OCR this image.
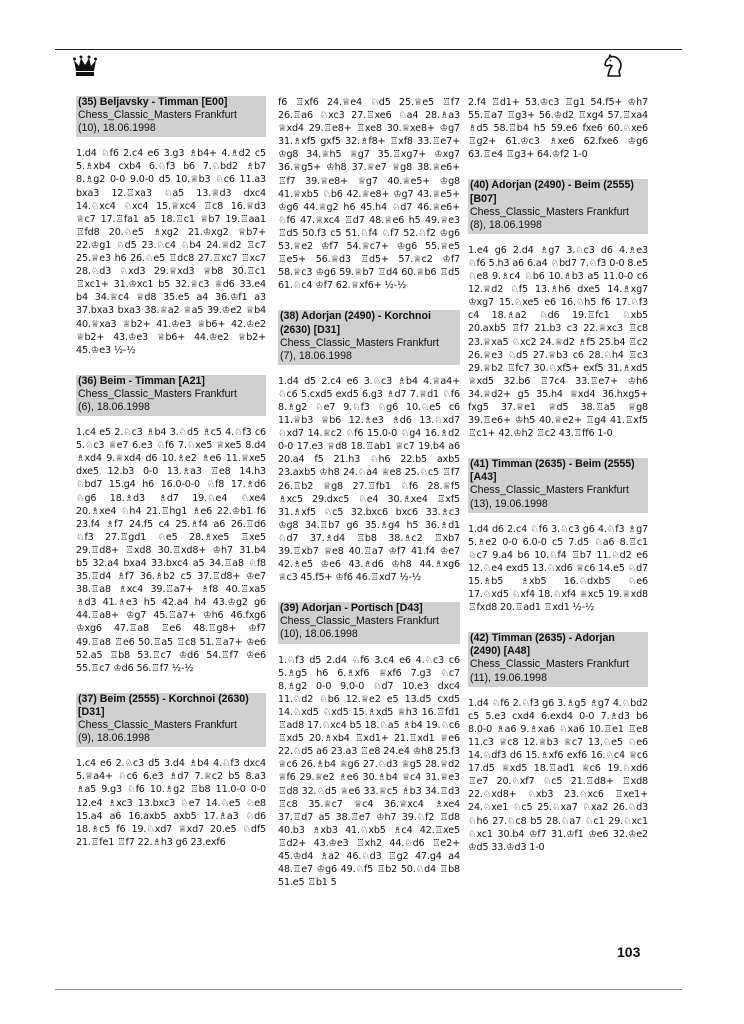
(35) Beljavsky - Timman [E00]
Chess_Classic_Masters Frankfurt
(10), 18.06.1998
1.d4 ♘f6 2.c4 e6 3.g3 ♗b4+ 4.♗d2 c5 5.♗xb4 cxb4 6.♘f3 b6 7.♘bd2 ♗b7 8.♗g2 0-0 9.0-0 d5 10.♕b3 ♘c6 11.a3 bxa3 12.♖xa3 ♘a5 13.♕d3 dxc4 14.♘xc4 ♘xc4 15.♕xc4 ♖c8 16.♕d3 ♕c7 17.♖fa1 a5 18.♖c1 ♕b7 19.♖aa1 ♖fd8 20.♘e5 ♗xg2 21.♔xg2 ♕b7+ 22.♔g1 ♘d5 23.♘c4 ♘b4 24.♕d2 ♖c7 25.♕e3 h6 26.♘e5 ♖dc8 27.♖xc7 ♖xc7 28.♘d3 ♘xd3 29.♕xd3 ♕b8 30.♖c1 ♖xc1+ 31.♔xc1 b5 32.♕c3 ♕d6 33.e4 b4 34.♕c4 ♕d8 35.e5 a4 36.♔f1 a3 37.bxa3 bxa3 38.♕a2 ♕a5 39.♔e2 ♕b4 40.♕xa3 ♕b2+ 41.♔e3 ♕b6+ 42.♔e2 ♕b2+ 43.♔e3 ♕b6+ 44.♔e2 ♕b2+ 45.♔e3 ½-½
(36) Beim - Timman [A21]
Chess_Classic_Masters Frankfurt
(6), 18.06.1998
1.c4 e5 2.♘c3 ♗b4 3.♘d5 ♗c5 4.♘f3 c6 5.♘c3 ♕e7 6.e3 ♘f6 7.♘xe5 ♕xe5 8.d4 ♗xd4 9.♕xd4 d6 10.♗e2 ♗e6 11.♕xe5 dxe5 12.b3 0-0 13.♗a3 ♖e8 14.h3 ♘bd7 15.g4 h6 16.0-0-0 ♘f8 17.♗d6 ♘g6 18.♗d3 ♗d7 19.♘e4 ♘xe4 20.♗xe4 ♘h4 21.♖hg1 ♗e6 22.♔b1 f6 23.f4 ♗f7 24.f5 c4 25.♗f4 a6 26.♖d6 ♘f3 27.♖gd1 ♘e5 28.♗xe5 ♖xe5 29.♖d8+ ♖xd8 30.♖xd8+ ♔h7 31.b4 b5 32.a4 bxa4 33.bxc4 a5 34.♖a8 ♘f8 35.♖d4 ♗f7 36.♗b2 c5 37.♖d8+ ♔e7 38.♖a8 ♗xc4 39.♖a7+ ♗f8 40.♖xa5 ♗d3 41.♗e3 h5 42.a4 h4 43.♔g2 g6 44.♖a8+ ♔g7 45.♖a7+ ♔h6 46.fxg6 ♔xg6 47.♖a8 ♖e6 48.♖g8+ ♔f7 49.♖a8 ♖e6 50.♖a5 ♖c8 51.♖a7+ ♔e6 52.a5 ♖b8 53.♖c7 ♔d6 54.♖f7 ♔e6 55.♖c7 ♔d6 56.♖f7 ½-½
(37) Beim (2555) - Korchnoi (2630) [D31]
Chess_Classic_Masters Frankfurt
(9), 18.06.1998
1.c4 e6 2.♘c3 d5 3.d4 ♗b4 4.♘f3 dxc4 5.♕a4+ ♘c6 6.e3 ♗d7 7.♕c2 b5 8.a3 ♗a5 9.g3 ♘f6 10.♗g2 ♖b8 11.0-0 0-0 12.e4 ♗xc3 13.bxc3 ♘e7 14.♘e5 ♘e8 15.a4 a6 16.axb5 axb5 17.♗a3 ♘d6 18.♗c5 f6 19.♘xd7 ♕xd7 20.e5 ♘df5 21.♖fe1 ♖f7 22.♗h3 g6 23.exf6
f6 ♖xf6 24.♕e4 ♘d5 25.♕e5 ♖f7 26.♖a6 ♘xc3 27.♖xe6 ♘a4 28.♗a3 ♕xd4 29.♖e8+ ♖xe8 30.♕xe8+ ♔g7 31.♗xf5 gxf5 32.♗f8+ ♖xf8 33.♖e7+ ♔g8 34.♕h5 ♕g7 35.♖xg7+ ♔xg7 36.♕g5+ ♔h8 37.♕e7 ♕g8 38.♕e6+ ♖f7 39.♕e8+ ♕g7 40.♕e5+ ♔g8 41.♕xb5 ♘b6 42.♕e8+ ♔g7 43.♕e5+ ♔g6 44.♕g2 h6 45.h4 ♘d7 46.♕e6+ ♘f6 47.♕xc4 ♖d7 48.♕e6 h5 49.♕e3 ♖d5 50.f3 c5 51.♘f4 ♘f7 52.♘f2 ♔g6 53.♕e2 ♔f7 54.♕c7+ ♔g6 55.♕e5 ♖e5+ 56.♕d3 ♖d5+ 57.♕c2 ♔f7 58.♕c3 ♔g6 59.♕b7 ♖d4 60.♕b6 ♖d5 61.♘c4 ♔f7 62.♕xf6+ ½-½
(38) Adorjan (2490) - Korchnoi (2630) [D31]
Chess_Classic_Masters Frankfurt
(7), 18.06.1998
1.d4 d5 2.c4 e6 3.♘c3 ♗b4 4.♕a4+ ♘c6 5.cxd5 exd5 6.g3 ♗d7 7.♕d1 ♘f6 8.♗g2 ♘e7 9.♘f3 ♘g6 10.♘e5 c6 11.♕b3 ♕b6 12.♗e3 ♗d6 13.♘xd7 ♘xd7 14.♕c2 ♘f6 15.0-0 ♘g4 16.♗d2 0-0 17.e3 ♕d8 18.♖ab1 ♕c7 19.b4 a6 20.a4 f5 21.h3 ♘h6 22.b5 axb5 23.axb5 ♔h8 24.♘a4 ♕e8 25.♘c5 ♖f7 26.♖b2 ♕g8 27.♖fb1 ♘f6 28.♕f5 ♗xc5 29.dxc5 ♘e4 30.♗xe4 ♖xf5 31.♗xf5 ♘c5 32.bxc6 bxc6 33.♗c3 ♔g8 34.♖b7 g6 35.♗g4 h5 36.♗d1 ♘d7 37.♗d4 ♖b8 38.♗c2 ♖xb7 39.♖xb7 ♕e8 40.♖a7 ♔f7 41.f4 ♔e7 42.♗e5 ♔e6 43.♗d6 ♔h8 44.♗xg6 ♕c3 45.f5+ ♔f6 46.♖xd7 ½-½
(39) Adorjan - Portisch [D43]
Chess_Classic_Masters Frankfurt
(10), 18.06.1998
1.♘f3 d5 2.d4 ♘f6 3.c4 e6 4.♘c3 c6 5.♗g5 h6 6.♗xf6 ♕xf6 7.g3 ♘c7 8.♗g2 0-0 9.0-0 ♘d7 10.e3 dxc4 11.♘d2 ♘b6 12.♕e2 e5 13.d5 cxd5 14.♘xd5 ♘xd5 15.♗xd5 ♕h3 16.♖fd1 ♖ad8 17.♘xc4 b5 18.♘a5 ♗b4 19.♘c6 ♖xd5 20.♗xb4 ♖xd1+ 21.♖xd1 ♕e6 22.♘d5 a6 23.a3 ♖e8 24.e4 ♔h8 25.f3 ♕c6 26.♗b4 ♕g6 27.♘d3 ♕g5 28.♕d2 ♕f6 29.♕e2 ♗e6 30.♗b4 ♕c4 31.♕e3 ♖d8 32.♘d5 ♕e6 33.♕c5 ♗b3 34.♖d3 ♖c8 35.♕c7 ♕c4 36.♕xc4 ♗xe4 37.♖d7 a5 38.♖e7 ♔h7 39.♘f2 ♖d8 40.b3 ♗xb3 41.♘xb5 ♗c4 42.♖xe5 ♖d2+ 43.♔e3 ♖xh2 44.♘d6 ♖e2+ 45.♔d4 ♗a2 46.♘d3 ♖g2 47.g4 a4 48.♖e7 ♔g6 49.♘f5 ♖b2 50.♘d4 ♖b8 51.e5 ♖b1 5
2.f4 ♖d1+ 53.♔c3 ♖g1 54.f5+ ♔h7 55.♖a7 ♖g3+ 56.♔d2 ♖xg4 57.♖xa4 ♗d5 58.♖b4 h5 59.e6 fxe6 60.♘xe6 ♖g2+ 61.♔c3 ♗xe6 62.fxe6 ♔g6 63.♖e4 ♖g3+ 64.♔f2 1-0
(40) Adorjan (2490) - Beim (2555) [B07]
Chess_Classic_Masters Frankfurt
(8), 18.06.1998
1.e4 g6 2.d4 ♗g7 3.♘c3 d6 4.♗e3 ♘f6 5.h3 a6 6.a4 ♘bd7 7.♘f3 0-0 8.e5 ♘e8 9.♗c4 ♘b6 10.♗b3 a5 11.0-0 c6 12.♕d2 ♘f5 13.♗h6 dxe5 14.♗xg7 ♔xg7 15.♘xe5 e6 16.♘h5 f6 17.♘f3 c4 18.♗a2 ♘d6 19.♖fc1 ♘xb5 20.axb5 ♖f7 21.b3 c3 22.♕xc3 ♖c8 23.♕xa5 ♘xc2 24.♕d2 ♗f5 25.b4 ♖c2 26.♕e3 ♘d5 27.♕b3 c6 28.♘h4 ♖c3 29.♕b2 ♖fc7 30.♘xf5+ exf5 31.♗xd5 ♕xd5 32.b6 ♖7c4 33.♖e7+ ♔h6 34.♕d2+ g5 35.h4 ♕xd4 36.hxg5+ fxg5 37.♕e1 ♕d5 38.♖a5 ♕g8 39.♖e6+ ♔h5 40.♕e2+ ♖g4 41.♖xf5 ♖c1+ 42.♔h2 ♖c2 43.♖ff6 1-0
(41) Timman (2635) - Beim (2555) [A43]
Chess_Classic_Masters Frankfurt
(13), 19.06.1998
1.d4 d6 2.c4 ♘f6 3.♘c3 g6 4.♘f3 ♗g7 5.♗e2 0-0 6.0-0 c5 7.d5 ♘a6 8.♖c1 ♘c7 9.a4 b6 10.♘f4 ♖b7 11.♘d2 e6 12.♘e4 exd5 13.♘xd6 ♕c6 14.e5 ♘d7 15.♗b5 ♗xb5 16.♘dxb5 ♘e6 17.♘xd5 ♘xf4 18.♘xf4 ♕xc5 19.♕xd8 ♖fxd8 20.♖ad1 ♖xd1 ½-½
(42) Timman (2635) - Adorjan (2490) [A48]
Chess_Classic_Masters Frankfurt
(11), 19.06.1998
1.d4 ♘f6 2.♘f3 g6 3.♗g5 ♗g7 4.♘bd2 c5 5.e3 cxd4 6.exd4 0-0 7.♗d3 b6 8.0-0 ♗a6 9.♗xa6 ♘xa6 10.♖e1 ♖e8 11.c3 ♕c8 12.♕b3 ♕c7 13.♘e5 ♘e6 14.♘df3 d6 15.♗xf6 exf6 16.♘c4 ♕c6 17.d5 ♕xd5 18.♖ad1 ♕c6 19.♘xd6 ♖e7 20.♘xf7 ♘c5 21.♖d8+ ♖xd8 22.♘xd8+ ♘xb3 23.♘xc6 ♖xe1+ 24.♘xe1 ♘c5 25.♘xa7 ♘xa2 26.♘d3 ♘h6 27.♘c8 b5 28.♘a7 ♘c1 29.♘xc1 ♘xc1 30.b4 ♔f7 31.♔f1 ♔e6 32.♔e2 ♔d5 33.♔d3 1-0
103
